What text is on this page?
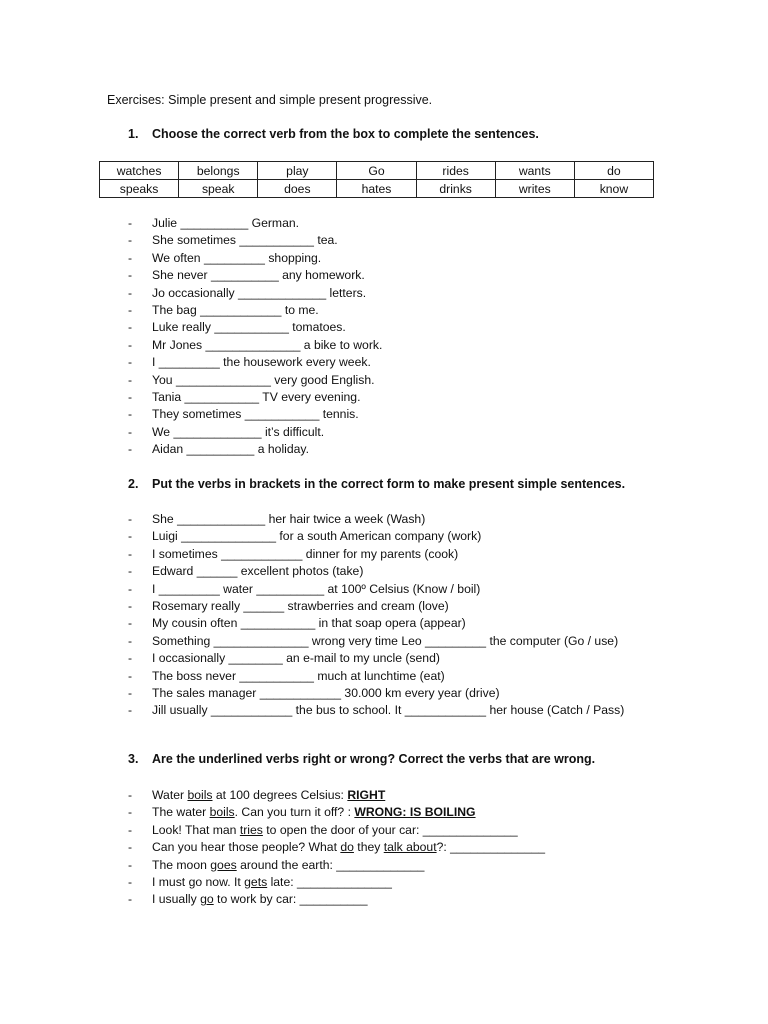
Exercises: Simple present and simple present progressive.
1. Choose the correct verb from the box to complete the sentences.
watches	belongs	play	Go	rides	wants	do
speaks	speak	does	hates	drinks	writes	know
- Julie __________ German.
- She sometimes ___________ tea.
- We often _________ shopping.
- She never __________ any homework.
- Jo occasionally _____________ letters.
- The bag ____________ to me.
- Luke really ___________ tomatoes.
- Mr Jones ______________ a bike to work.
- I _________ the housework every week.
- You ______________ very good English.
- Tania ___________ TV every evening.
- They sometimes ___________ tennis.
- We _____________ it’s difficult.
- Aidan __________ a holiday.
2. Put the verbs in brackets in the correct form to make present simple sentences.
- She _____________ her hair twice a week (Wash)
- Luigi ______________ for a south American company (work)
- I sometimes ____________ dinner for my parents (cook)
- Edward ______ excellent photos (take)
- I _________ water __________ at 100º Celsius (Know / boil)
- Rosemary really ______ strawberries and cream (love)
- My cousin often ___________ in that soap opera (appear)
- Something ______________ wrong very time Leo _________ the computer (Go / use)
- I occasionally ________ an e-mail to my uncle (send)
- The boss never ___________ much at lunchtime (eat)
- The sales manager ____________ 30.000 km every year (drive)
- Jill usually ____________ the bus to school. It ____________ her house (Catch / Pass)
3. Are the underlined verbs right or wrong? Correct the verbs that are wrong.
- Water boils at 100 degrees Celsius: RIGHT
- The water boils. Can you turn it off? : WRONG: IS BOILING
- Look! That man tries to open the door of your car: ______________
- Can you hear those people? What do they talk about?: ______________
- The moon goes around the earth: _____________
- I must go now. It gets late: ______________
- I usually go to work by car: __________
